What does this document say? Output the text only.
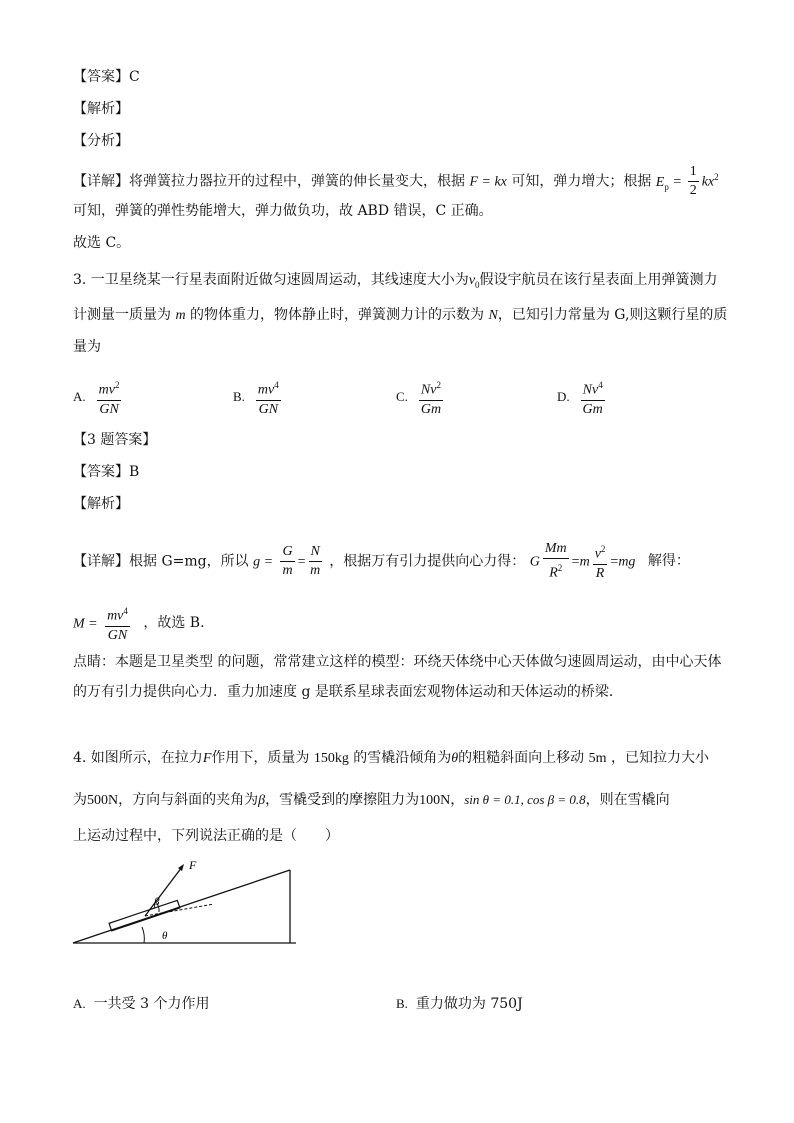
【答案】C
【解析】
【分析】
【详解】将弹簧拉力器拉开的过程中，弹簧的伸长量变大，根据 F = kx 可知，弹力增大；根据 $E_p = \frac{1}{2} kx^2$
可知，弹簧的弹性势能增大，弹力做负功，故 ABD 错误，C 正确。
故选 C。
3. 一卫星绕某一行星表面附近做匀速圆周运动，其线速度大小为$v_0$假设宇航员在该行星表面上用弹簧测力
计测量一质量为 m 的物体重力，物体静止时，弹簧测力计的示数为 N，已知引力常量为 G,则这颗行星的质
量为
A. $\frac{mv^2}{GN}$	B. $\frac{mv^4}{GN}$	C. $\frac{Nv^2}{Gm}$	D. $\frac{Nv^4}{Gm}$
【3 题答案】
【答案】B
【解析】
【详解】根据 G=mg，所以 $g = \frac{G}{m} = \frac{N}{m}$ ，根据万有引力提供向心力得： G $\frac{Mm}{R^2} =m \frac{v^2}{R} =mg$ 解得：
$M = \frac{mv^4}{GN}$ ，故选 B.
点睛：本题是卫星类型 的问题，常常建立这样的模型：环绕天体绕中心天体做匀速圆周运动，由中心天体
的万有引力提供向心力．重力加速度 g 是联系星球表面宏观物体运动和天体运动的桥梁．
4. 如图所示，在拉力F作用下，质量为 150kg 的雪橇沿倾角为θ的粗糙斜面向上移动 5m ，已知拉力大小
为500N，方向与斜面的夹角为β，雪橇受到的摩擦阻力为100N，sin θ = 0.1, cos β = 0.8，则在雪橇向
上运动过程中，下列说法正确的是（　　）
F
β
θ
A. 一共受 3 个力作用	B. 重力做功为 750J
